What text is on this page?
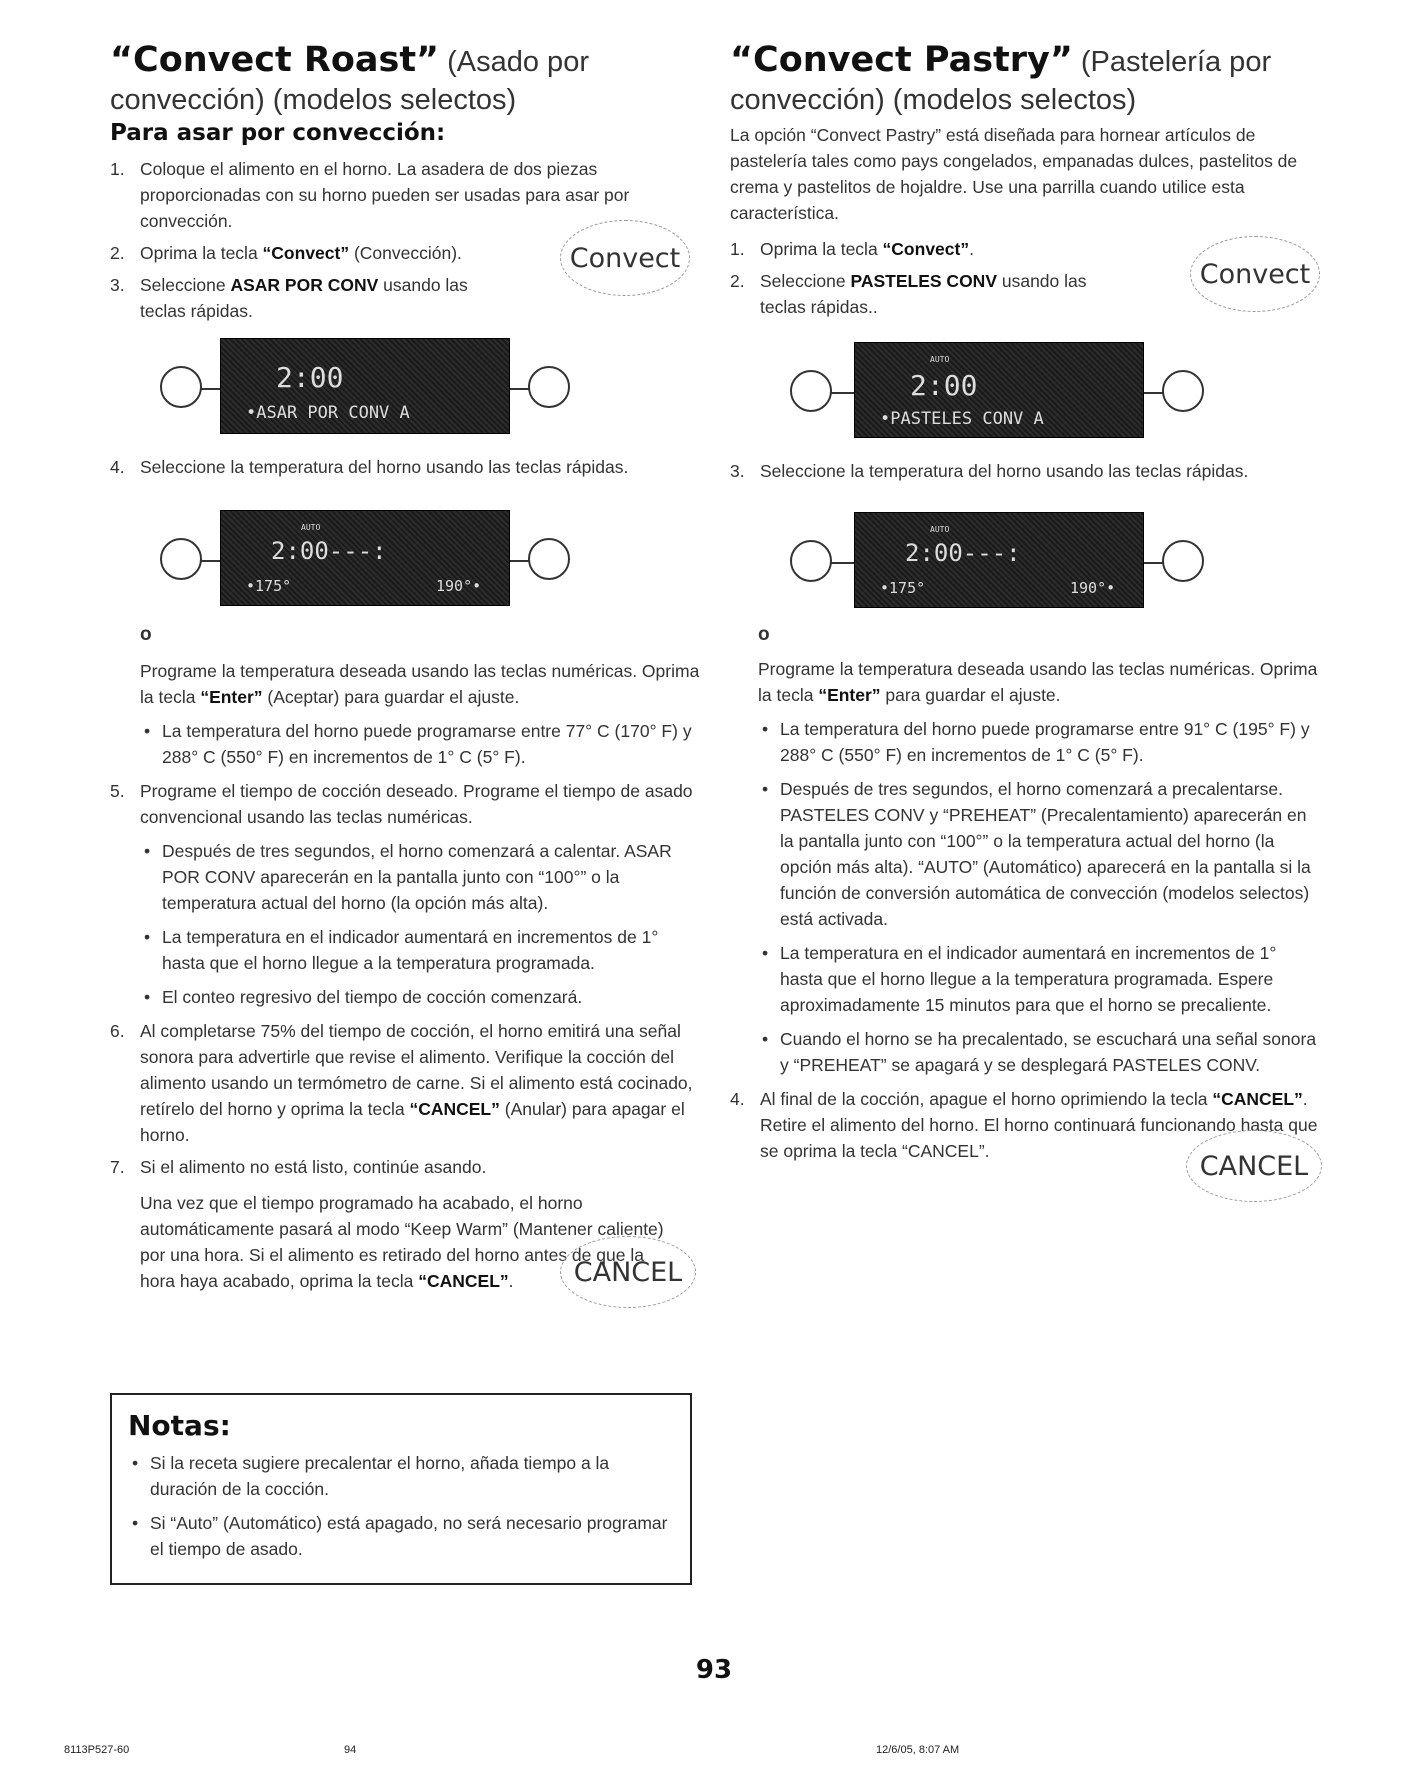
“Convect Roast” (Asado por
convección) (modelos selectos)
Para asar por convección:
1. Coloque el alimento en el horno. La asadera de dos piezas proporcionadas con su horno pueden ser usadas para asar por convección.
2. Oprima la tecla “Convect” (Convección).
3. Seleccione ASAR POR CONV usando las teclas rápidas.
Convect
2:00
•ASAR POR CONV A
4. Seleccione la temperatura del horno usando las teclas rápidas.
AUTO
2:00---:
•175°	190°•
o
Programe la temperatura deseada usando las teclas numéricas. Oprima la tecla “Enter” (Aceptar) para guardar el ajuste.
• La temperatura del horno puede programarse entre 77° C (170° F) y 288° C (550° F) en incrementos de 1° C (5° F).
5. Programe el tiempo de cocción deseado. Programe el tiempo de asado convencional usando las teclas numéricas.
• Después de tres segundos, el horno comenzará a calentar. ASAR POR CONV aparecerán en la pantalla junto con “100°” o la temperatura actual del horno (la opción más alta).
• La temperatura en el indicador aumentará en incrementos de 1° hasta que el horno llegue a la temperatura programada.
• El conteo regresivo del tiempo de cocción comenzará.
6. Al completarse 75% del tiempo de cocción, el horno emitirá una señal sonora para advertirle que revise el alimento. Verifique la cocción del alimento usando un termómetro de carne. Si el alimento está cocinado, retírelo del horno y oprima la tecla “CANCEL” (Anular) para apagar el horno.
7. Si el alimento no está listo, continúe asando.
Una vez que el tiempo programado ha acabado, el horno automáticamente pasará al modo “Keep Warm” (Mantener caliente) por una hora. Si el alimento es retirado del horno antes de que la hora haya acabado, oprima la tecla “CANCEL”.	CANCEL
Notas:
• Si la receta sugiere precalentar el horno, añada tiempo a la duración de la cocción.
• Si “Auto” (Automático) está apagado, no será necesario programar el tiempo de asado.
“Convect Pastry” (Pastelería por
convección) (modelos selectos)
La opción “Convect Pastry” está diseñada para hornear artículos de pastelería tales como pays congelados, empanadas dulces, pastelitos de crema y pastelitos de hojaldre. Use una parrilla cuando utilice esta característica.
1. Oprima la tecla “Convect”.
2. Seleccione PASTELES CONV usando las teclas rápidas..
Convect
AUTO
2:00
•PASTELES CONV A
3. Seleccione la temperatura del horno usando las teclas rápidas.
AUTO
2:00---:
•175°	190°•
o
Programe la temperatura deseada usando las teclas numéricas. Oprima la tecla “Enter” para guardar el ajuste.
• La temperatura del horno puede programarse entre 91° C (195° F) y 288° C (550° F) en incrementos de 1° C (5° F).
• Después de tres segundos, el horno comenzará a precalentarse. PASTELES CONV y “PREHEAT” (Precalentamiento) aparecerán en la pantalla junto con “100°” o la temperatura actual del horno (la opción más alta). “AUTO” (Automático) aparecerá en la pantalla si la función de conversión automática de convección (modelos selectos) está activada.
• La temperatura en el indicador aumentará en incrementos de 1° hasta que el horno llegue a la temperatura programada. Espere aproximadamente 15 minutos para que el horno se precaliente.
• Cuando el horno se ha precalentado, se escuchará una señal sonora y “PREHEAT” se apagará y se desplegará PASTELES CONV.
4. Al final de la cocción, apague el horno oprimiendo la tecla “CANCEL”. Retire el alimento del horno. El horno continuará funcionando hasta que se oprima la tecla “CANCEL”.	CANCEL
93
8113P527-60	94	12/6/05, 8:07 AM
